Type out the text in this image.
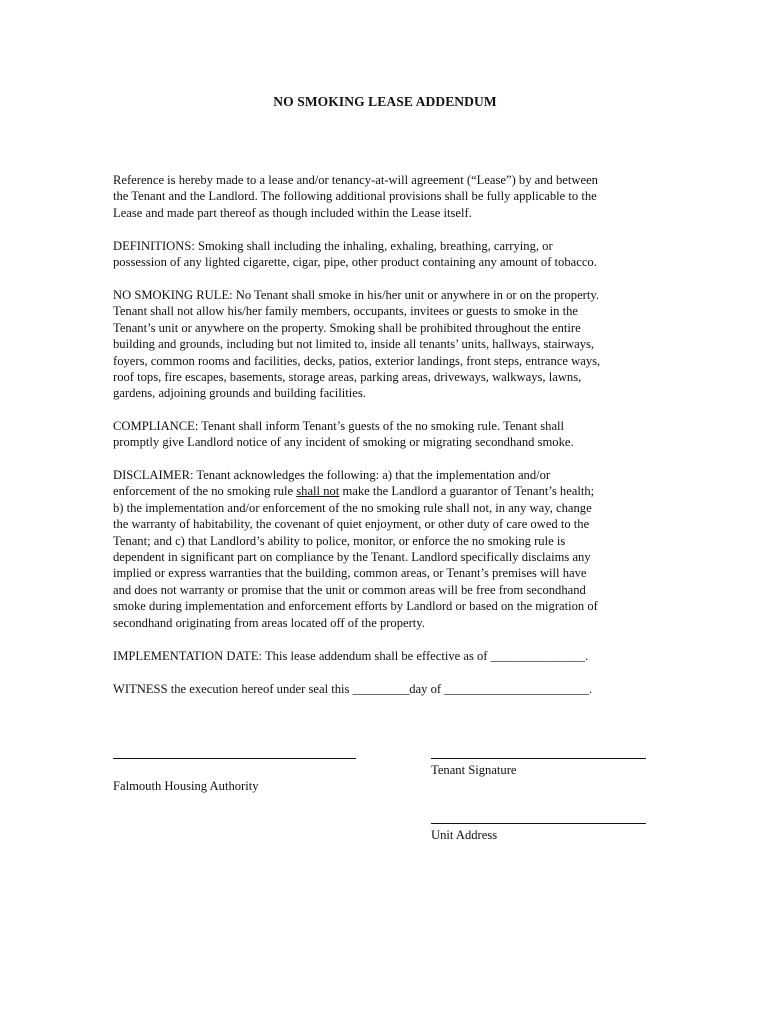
NO SMOKING LEASE ADDENDUM

Reference is hereby made to a lease and/or tenancy-at-will agreement (“Lease”) by and between
the Tenant and the Landlord. The following additional provisions shall be fully applicable to the
Lease and made part thereof as though included within the Lease itself.

DEFINITIONS: Smoking shall including the inhaling, exhaling, breathing, carrying, or
possession of any lighted cigarette, cigar, pipe, other product containing any amount of tobacco.

NO SMOKING RULE: No Tenant shall smoke in his/her unit or anywhere in or on the property.
Tenant shall not allow his/her family members, occupants, invitees or guests to smoke in the
Tenant’s unit or anywhere on the property. Smoking shall be prohibited throughout the entire
building and grounds, including but not limited to, inside all tenants’ units, hallways, stairways,
foyers, common rooms and facilities, decks, patios, exterior landings, front steps, entrance ways,
roof tops, fire escapes, basements, storage areas, parking areas, driveways, walkways, lawns,
gardens, adjoining grounds and building facilities.

COMPLIANCE: Tenant shall inform Tenant’s guests of the no smoking rule. Tenant shall
promptly give Landlord notice of any incident of smoking or migrating secondhand smoke.

DISCLAIMER: Tenant acknowledges the following: a) that the implementation and/or
enforcement of the no smoking rule shall not make the Landlord a guarantor of Tenant’s health;
b) the implementation and/or enforcement of the no smoking rule shall not, in any way, change
the warranty of habitability, the covenant of quiet enjoyment, or other duty of care owed to the
Tenant; and c) that Landlord’s ability to police, monitor, or enforce the no smoking rule is
dependent in significant part on compliance by the Tenant. Landlord specifically disclaims any
implied or express warranties that the building, common areas, or Tenant’s premises will have
and does not warranty or promise that the unit or common areas will be free from secondhand
smoke during implementation and enforcement efforts by Landlord or based on the migration of
secondhand originating from areas located off of the property.

IMPLEMENTATION DATE: This lease addendum shall be effective as of _______________.

WITNESS the execution hereof under seal this _________day of _______________________.

Falmouth Housing Authority
Tenant Signature
Unit Address
